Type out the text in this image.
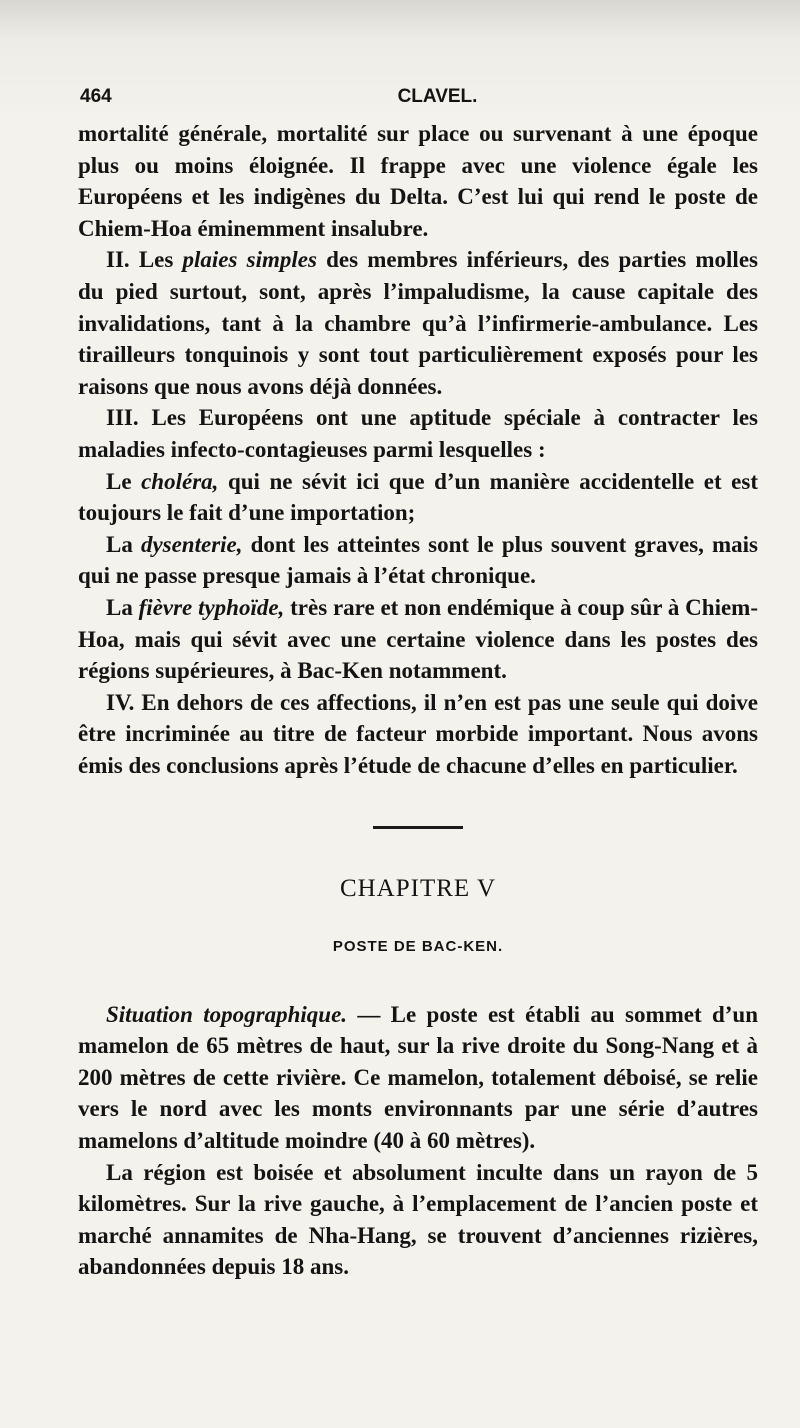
464	CLAVEL.

mortalité générale, mortalité sur place ou survenant à une époque plus ou moins éloignée. Il frappe avec une violence égale les Européens et les indigènes du Delta. C’est lui qui rend le poste de Chiem-Hoa éminemment insalubre.

II. Les plaies simples des membres inférieurs, des parties molles du pied surtout, sont, après l’impaludisme, la cause capitale des invalidations, tant à la chambre qu’à l’infirmerie-ambulance. Les tirailleurs tonquinois y sont tout particulièrement exposés pour les raisons que nous avons déjà données.

III. Les Européens ont une aptitude spéciale à contracter les maladies infecto-contagieuses parmi lesquelles :

Le choléra, qui ne sévit ici que d’un manière accidentelle et est toujours le fait d’une importation;

La dysenterie, dont les atteintes sont le plus souvent graves, mais qui ne passe presque jamais à l’état chronique.

La fièvre typhoïde, très rare et non endémique à coup sûr à Chiem-Hoa, mais qui sévit avec une certaine violence dans les postes des régions supérieures, à Bac-Ken notamment.

IV. En dehors de ces affections, il n’en est pas une seule qui doive être incriminée au titre de facteur morbide important. Nous avons émis des conclusions après l’étude de chacune d’elles en particulier.

CHAPITRE V
POSTE DE BAC-KEN.

Situation topographique. — Le poste est établi au sommet d’un mamelon de 65 mètres de haut, sur la rive droite du Song-Nang et à 200 mètres de cette rivière. Ce mamelon, totalement déboisé, se relie vers le nord avec les monts environnants par une série d’autres mamelons d’altitude moindre (40 à 60 mètres).

La région est boisée et absolument inculte dans un rayon de 5 kilomètres. Sur la rive gauche, à l’emplacement de l’ancien poste et marché annamites de Nha-Hang, se trouvent d’anciennes rizières, abandonnées depuis 18 ans.
